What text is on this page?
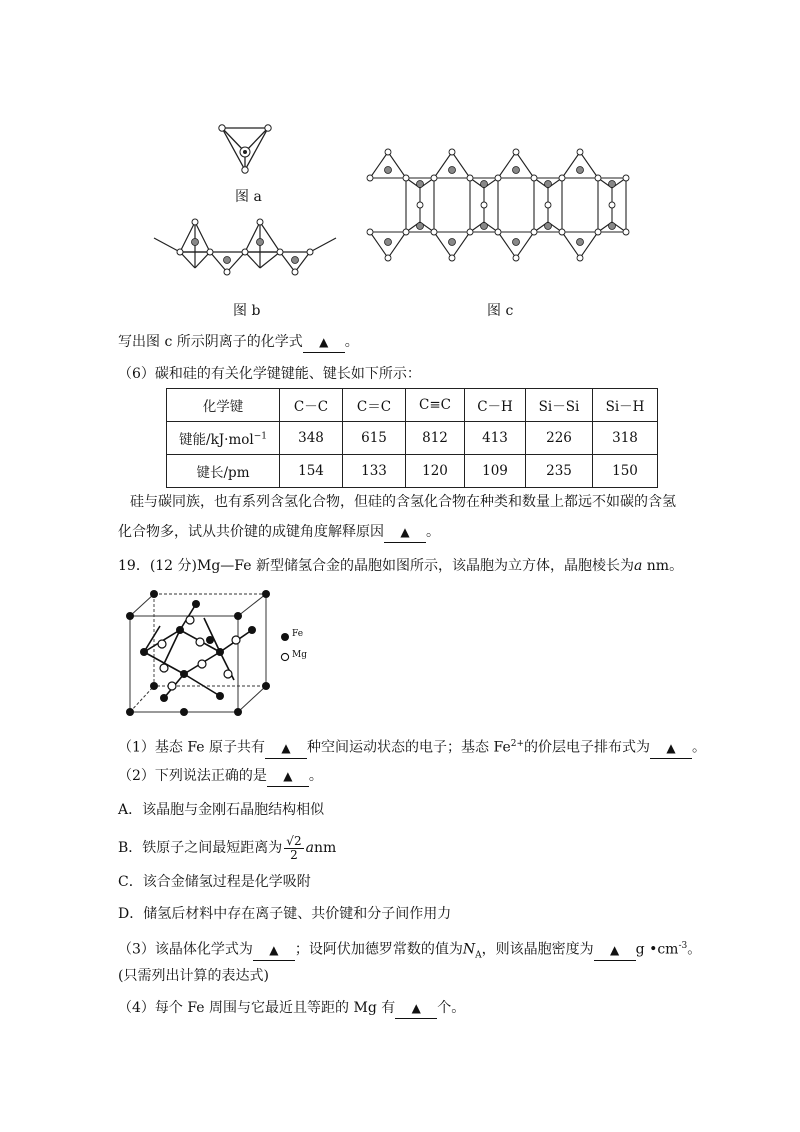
图 a
图 b	图 c
写出图 c 所示阴离子的化学式 ▲ 。
（6）碳和硅的有关化学键键能、键长如下所示：
化学键	C－C	C＝C	C≡C	C－H	Si－Si	Si－H
键能/kJ·mol$^{-1}$	348	615	812	413	226	318
键长/pm	154	133	120	109	235	150
硅与碳同族，也有系列含氢化合物，但硅的含氢化合物在种类和数量上都远不如碳的含氢
化合物多，试从共价键的成键角度解释原因 ▲ 。
19．(12 分)Mg—Fe 新型储氢合金的晶胞如图所示，该晶胞为立方体，晶胞棱长为a nm。
Fe
Mg
（1）基态 Fe 原子共有 ▲ 种空间运动状态的电子；基态 $Fe^{2+}$的价层电子排布式为 ▲ 。
（2）下列说法正确的是 ▲ 。
A．该晶胞与金刚石晶胞结构相似
B．铁原子之间最短距离为 $\frac{√2}{2}$ anm
C．该合金储氢过程是化学吸附
D．储氢后材料中存在离子键、共价键和分子间作用力
（3）该晶体化学式为 ▲ ；设阿伏加德罗常数的值为$N_A$，则该晶胞密度为 ▲ g $•cm^{-3}$。
(只需列出计算的表达式)
（4）每个 Fe 周围与它最近且等距的 Mg 有 ▲ 个。
